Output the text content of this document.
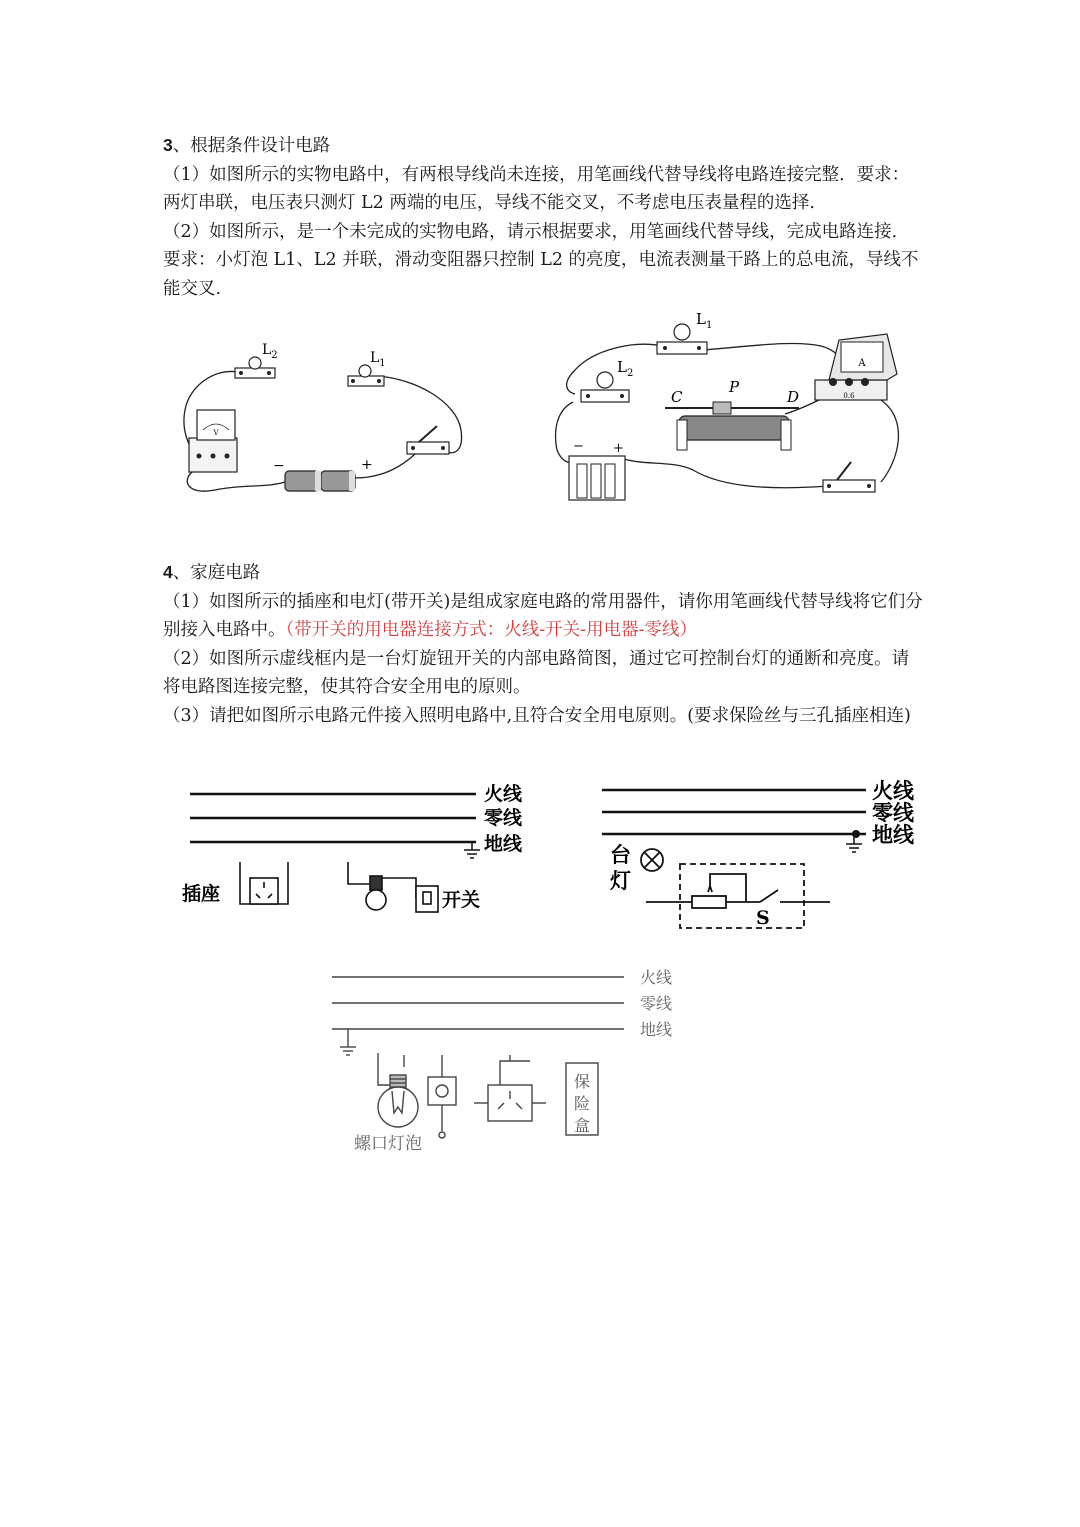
3、根据条件设计电路

（1）如图所示的实物电路中，有两根导线尚未连接，用笔画线代替导线将电路连接完整．要求：两灯串联，电压表只测灯 L2 两端的电压，导线不能交叉，不考虑电压表量程的选择.

（2）如图所示，是一个未完成的实物电路，请示根据要求，用笔画线代替导线，完成电路连接．要求：小灯泡 L1、L2 并联，滑动变阻器只控制 L2 的亮度，电流表测量干路上的总电流，导线不能交叉.

$L_2$	$L_1$
V
−	+
$L_1$
$L_2$
C
P
D
A
0.6
− +

4、家庭电路

（1）如图所示的插座和电灯(带开关)是组成家庭电路的常用器件，请你用笔画线代替导线将它们分别接入电路中。（带开关的用电器连接方式：火线-开关-用电器-零线）

（2）如图所示虚线框内是一台灯旋钮开关的内部电路简图，通过它可控制台灯的通断和亮度。请将电路图连接完整，使其符合安全用电的原则。

（3）请把如图所示电路元件接入照明电路中,且符合安全用电原则。(要求保险丝与三孔插座相连)

火线
零线
地线
插座	开关
火线
零线
地线
台
灯
S
火线
零线
地线
螺口灯泡
保
险
盒
